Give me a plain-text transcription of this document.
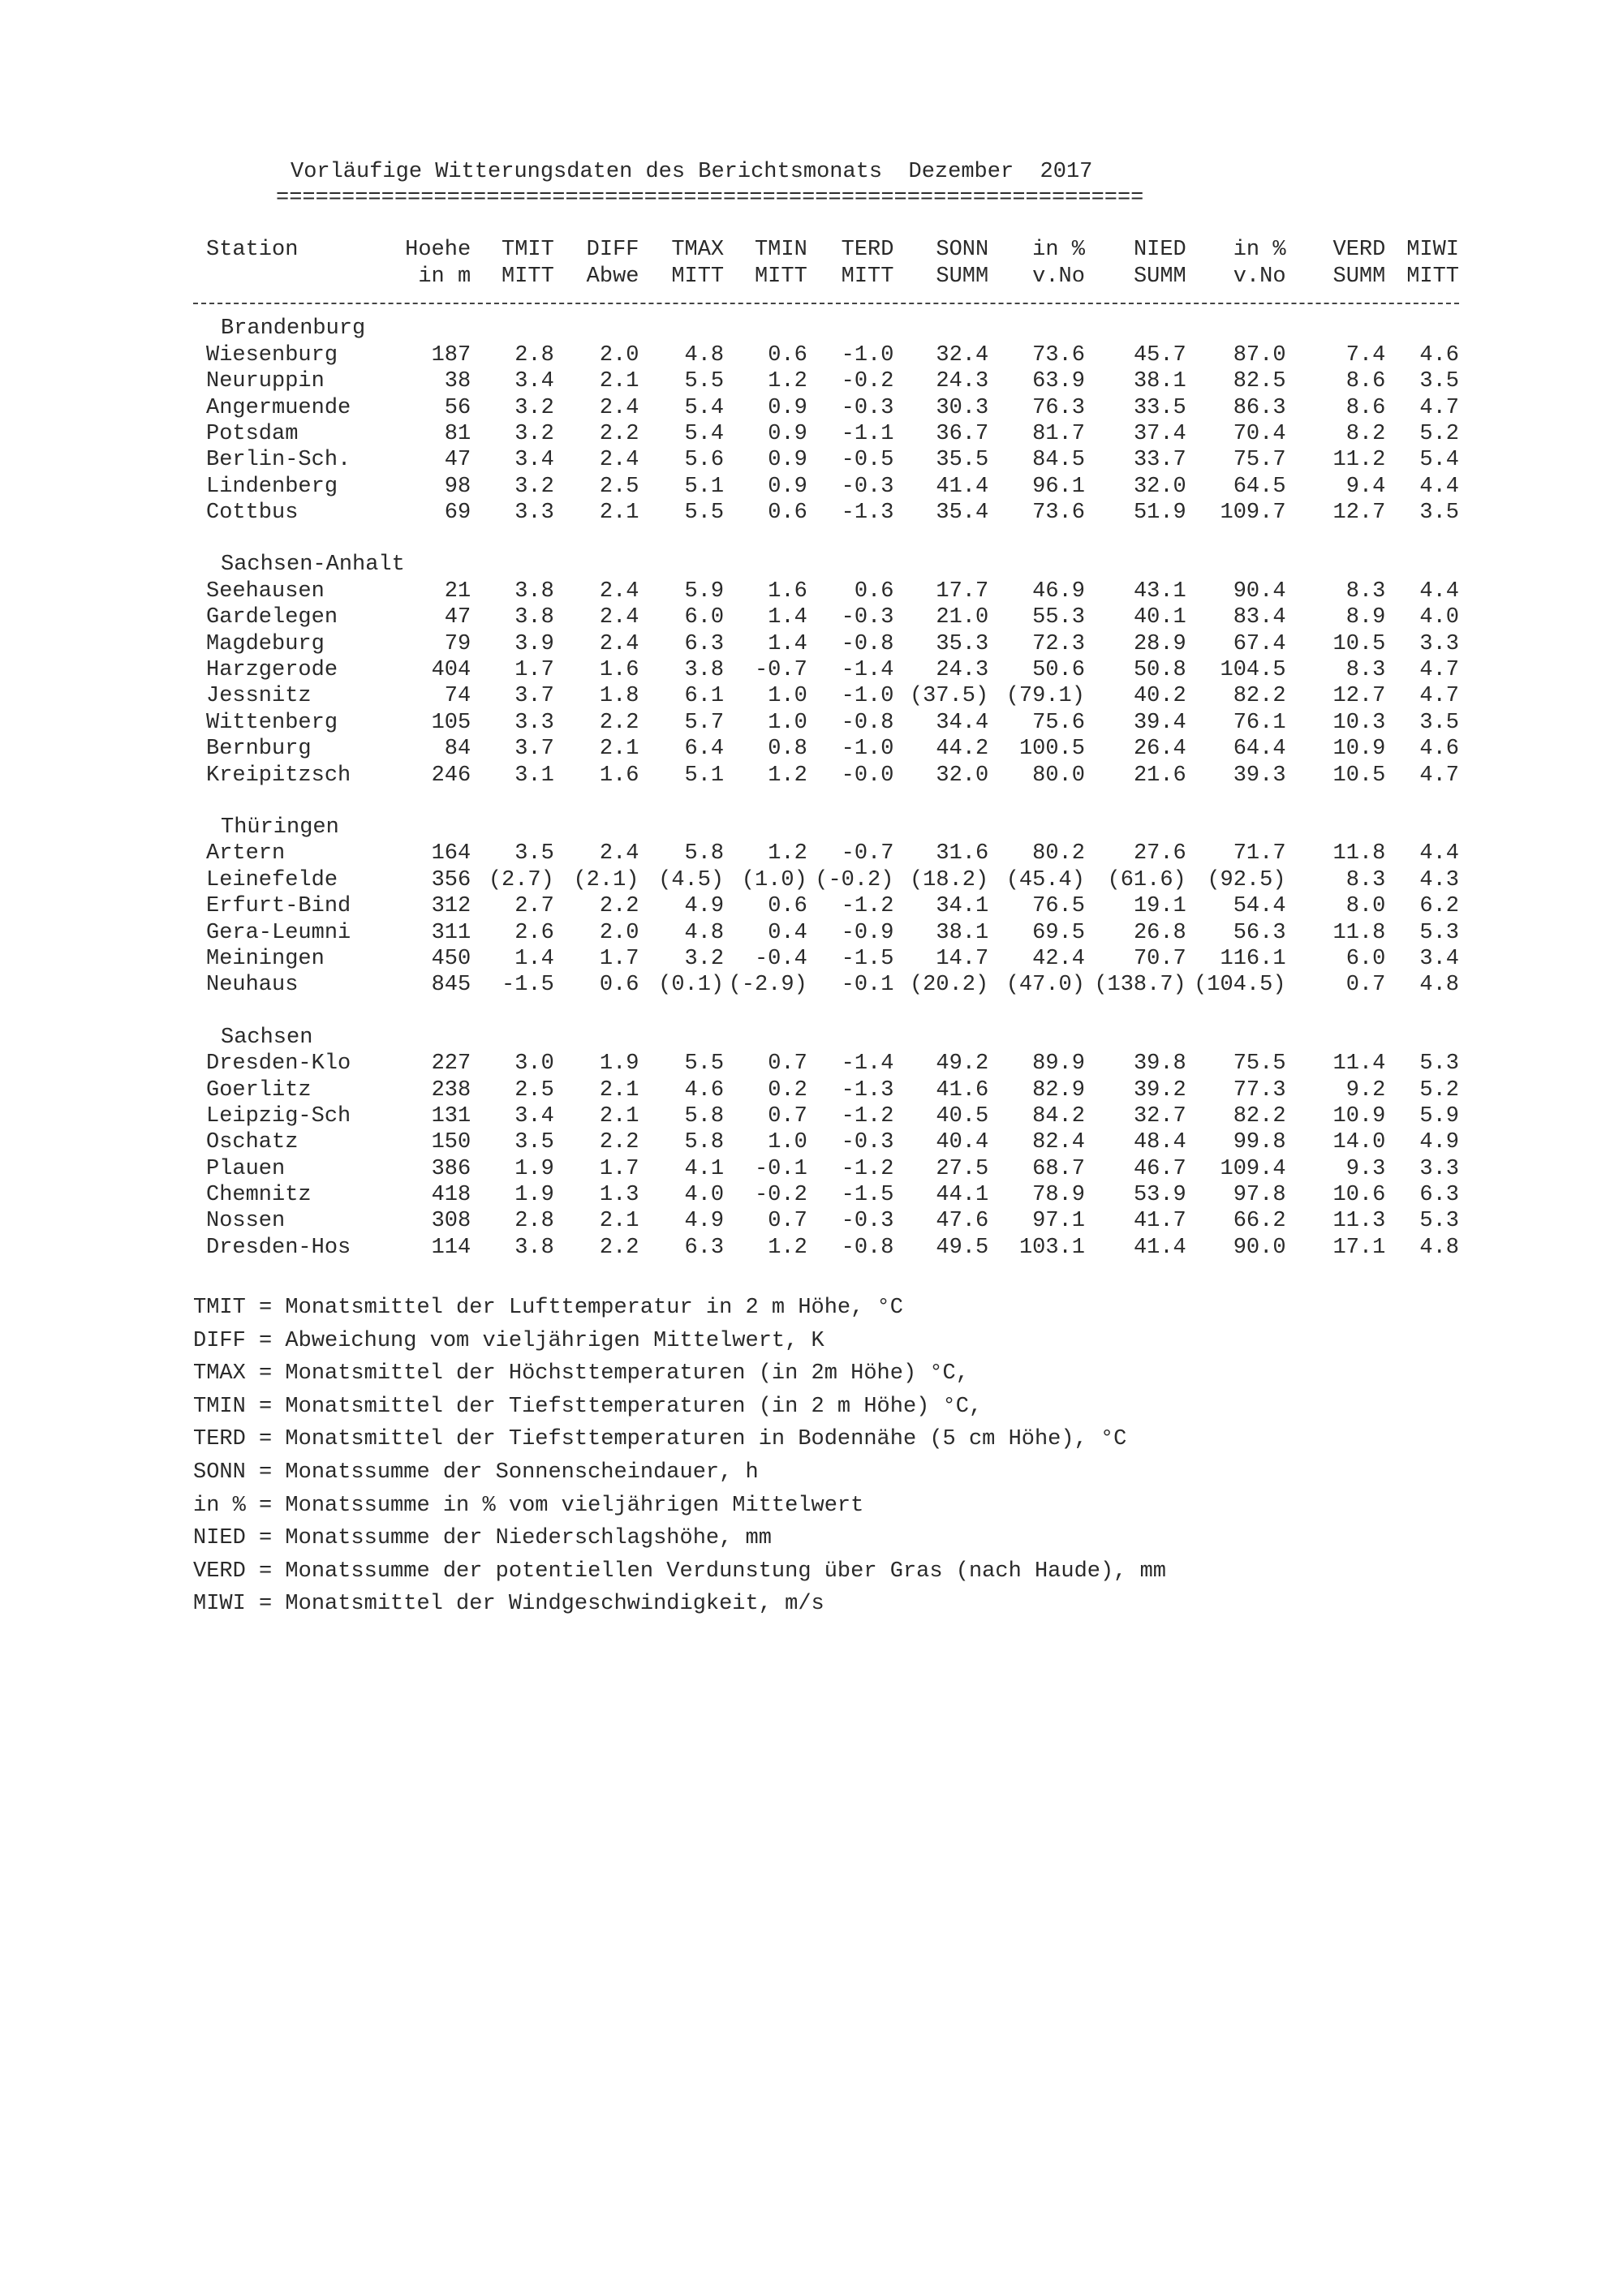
Vorläufige Witterungsdaten des Berichtsmonats  Dezember  2017
==================================================================
Station	Hoehe	TMIT	DIFF	TMAX	TMIN	TERD	SONN	in %	NIED	in %	VERD	MIWI
	in m	MITT	Abwe	MITT	MITT	MITT	SUMM	v.No	SUMM	v.No	SUMM	MITT

Brandenburg												
Wiesenburg	187	2.8	2.0	4.8	0.6	-1.0	32.4	73.6	45.7	87.0	7.4	4.6
Neuruppin	38	3.4	2.1	5.5	1.2	-0.2	24.3	63.9	38.1	82.5	8.6	3.5
Angermuende	56	3.2	2.4	5.4	0.9	-0.3	30.3	76.3	33.5	86.3	8.6	4.7
Potsdam	81	3.2	2.2	5.4	0.9	-1.1	36.7	81.7	37.4	70.4	8.2	5.2
Berlin-Sch.	47	3.4	2.4	5.6	0.9	-0.5	35.5	84.5	33.7	75.7	11.2	5.4
Lindenberg	98	3.2	2.5	5.1	0.9	-0.3	41.4	96.1	32.0	64.5	9.4	4.4
Cottbus	69	3.3	2.1	5.5	0.6	-1.3	35.4	73.6	51.9	109.7	12.7	3.5

Sachsen-Anhalt												
Seehausen	21	3.8	2.4	5.9	1.6	0.6	17.7	46.9	43.1	90.4	8.3	4.4
Gardelegen	47	3.8	2.4	6.0	1.4	-0.3	21.0	55.3	40.1	83.4	8.9	4.0
Magdeburg	79	3.9	2.4	6.3	1.4	-0.8	35.3	72.3	28.9	67.4	10.5	3.3
Harzgerode	404	1.7	1.6	3.8	-0.7	-1.4	24.3	50.6	50.8	104.5	8.3	4.7
Jessnitz	74	3.7	1.8	6.1	1.0	-1.0	(37.5)	(79.1)	40.2	82.2	12.7	4.7
Wittenberg	105	3.3	2.2	5.7	1.0	-0.8	34.4	75.6	39.4	76.1	10.3	3.5
Bernburg	84	3.7	2.1	6.4	0.8	-1.0	44.2	100.5	26.4	64.4	10.9	4.6
Kreipitzsch	246	3.1	1.6	5.1	1.2	-0.0	32.0	80.0	21.6	39.3	10.5	4.7

Thüringen												
Artern	164	3.5	2.4	5.8	1.2	-0.7	31.6	80.2	27.6	71.7	11.8	4.4
Leinefelde	356	(2.7)	(2.1)	(4.5)	(1.0)	(-0.2)	(18.2)	(45.4)	(61.6)	(92.5)	8.3	4.3
Erfurt-Bind	312	2.7	2.2	4.9	0.6	-1.2	34.1	76.5	19.1	54.4	8.0	6.2
Gera-Leumni	311	2.6	2.0	4.8	0.4	-0.9	38.1	69.5	26.8	56.3	11.8	5.3
Meiningen	450	1.4	1.7	3.2	-0.4	-1.5	14.7	42.4	70.7	116.1	6.0	3.4
Neuhaus	845	-1.5	0.6	(0.1)	(-2.9)	-0.1	(20.2)	(47.0)	(138.7)	(104.5)	0.7	4.8

Sachsen												
Dresden-Klo	227	3.0	1.9	5.5	0.7	-1.4	49.2	89.9	39.8	75.5	11.4	5.3
Goerlitz	238	2.5	2.1	4.6	0.2	-1.3	41.6	82.9	39.2	77.3	9.2	5.2
Leipzig-Sch	131	3.4	2.1	5.8	0.7	-1.2	40.5	84.2	32.7	82.2	10.9	5.9
Oschatz	150	3.5	2.2	5.8	1.0	-0.3	40.4	82.4	48.4	99.8	14.0	4.9
Plauen	386	1.9	1.7	4.1	-0.1	-1.2	27.5	68.7	46.7	109.4	9.3	3.3
Chemnitz	418	1.9	1.3	4.0	-0.2	-1.5	44.1	78.9	53.9	97.8	10.6	6.3
Nossen	308	2.8	2.1	4.9	0.7	-0.3	47.6	97.1	41.7	66.2	11.3	5.3
Dresden-Hos	114	3.8	2.2	6.3	1.2	-0.8	49.5	103.1	41.4	90.0	17.1	4.8
TMIT = Monatsmittel der Lufttemperatur in 2 m Höhe, °C
DIFF = Abweichung vom vieljährigen Mittelwert, K
TMAX = Monatsmittel der Höchsttemperaturen (in 2m Höhe) °C,
TMIN = Monatsmittel der Tiefsttemperaturen (in 2 m Höhe) °C,
TERD = Monatsmittel der Tiefsttemperaturen in Bodennähe (5 cm Höhe), °C
SONN = Monatssumme der Sonnenscheindauer, h
in % = Monatssumme in % vom vieljährigen Mittelwert
NIED = Monatssumme der Niederschlagshöhe, mm
VERD = Monatssumme der potentiellen Verdunstung über Gras (nach Haude), mm
MIWI = Monatsmittel der Windgeschwindigkeit, m/s
